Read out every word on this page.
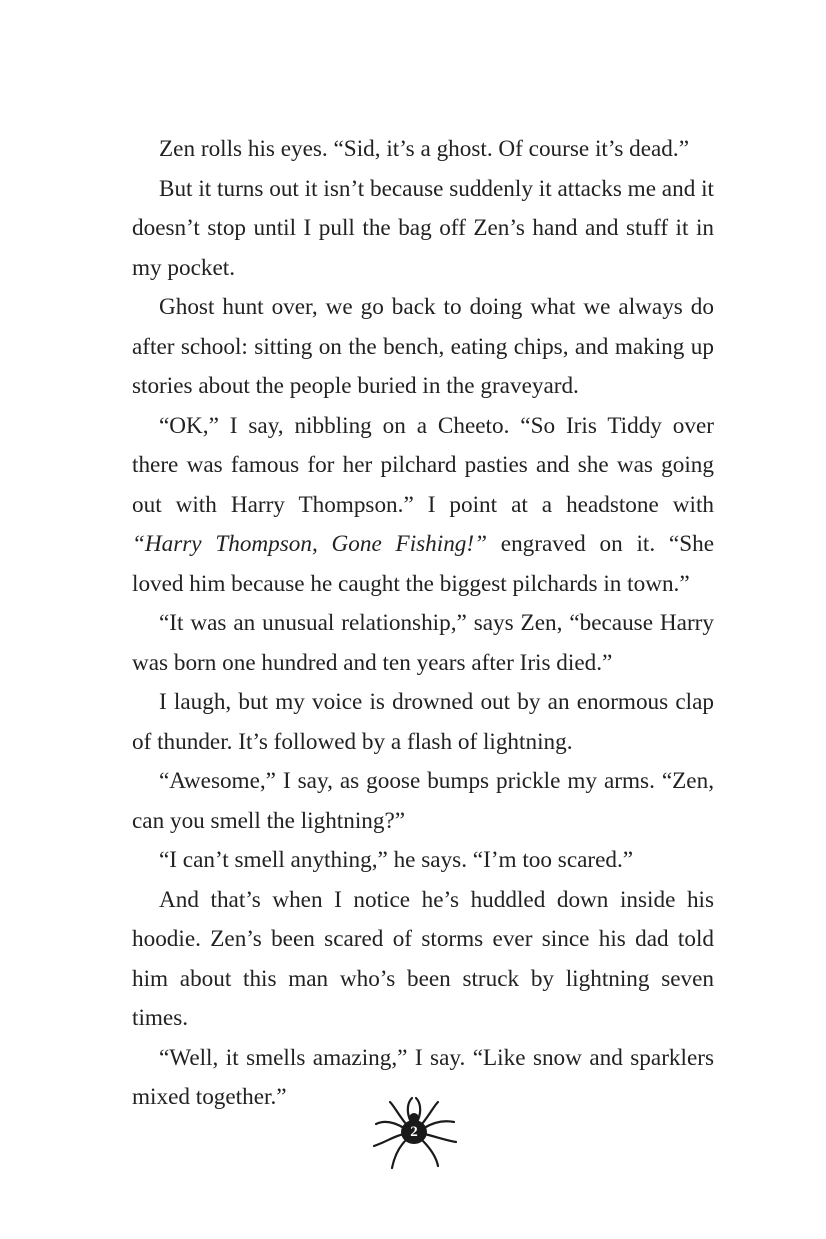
Zen rolls his eyes. “Sid, it’s a ghost. Of course it’s dead.”

But it turns out it isn’t because suddenly it attacks me and it doesn’t stop until I pull the bag off Zen’s hand and stuff it in my pocket.

Ghost hunt over, we go back to doing what we always do after school: sitting on the bench, eating chips, and making up stories about the people buried in the graveyard.

“OK,” I say, nibbling on a Cheeto. “So Iris Tiddy over there was famous for her pilchard pasties and she was going out with Harry Thompson.” I point at a headstone with “Harry Thompson, Gone Fishing!” engraved on it. “She loved him because he caught the biggest pilchards in town.”

“It was an unusual relationship,” says Zen, “because Harry was born one hundred and ten years after Iris died.”

I laugh, but my voice is drowned out by an enormous clap of thunder. It’s followed by a flash of lightning.

“Awesome,” I say, as goose bumps prickle my arms. “Zen, can you smell the lightning?”

“I can’t smell anything,” he says. “I’m too scared.”

And that’s when I notice he’s huddled down inside his hoodie. Zen’s been scared of storms ever since his dad told him about this man who’s been struck by lightning seven times.

“Well, it smells amazing,” I say. “Like snow and sparklers mixed together.”

2
